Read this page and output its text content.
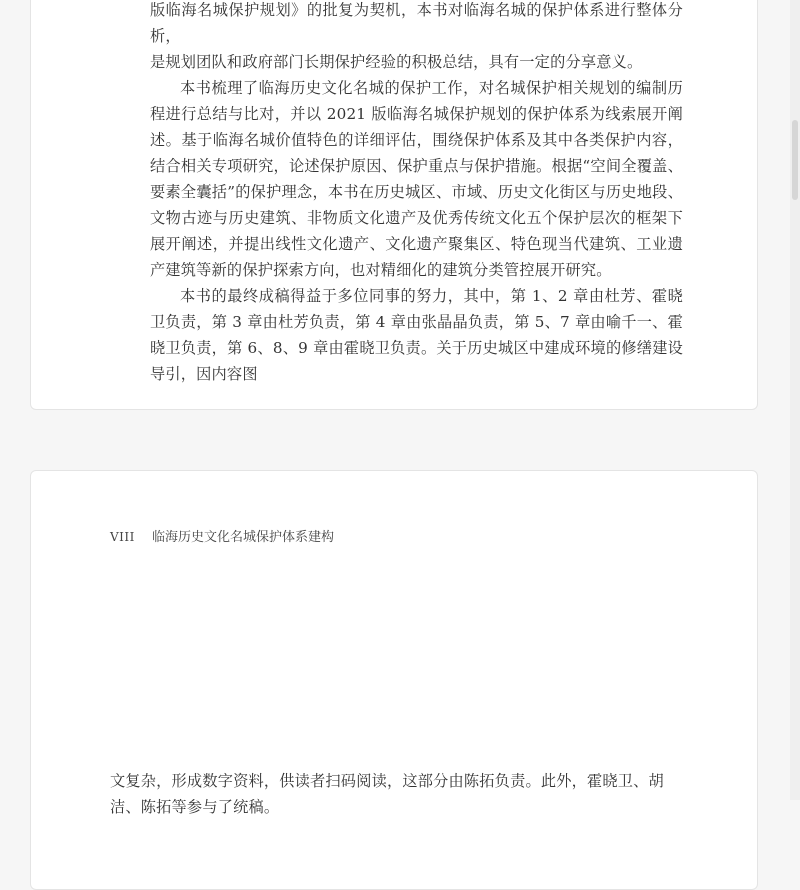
版临海名城保护规划》的批复为契机，本书对临海名城的保护体系进行整体分析，
是规划团队和政府部门长期保护经验的积极总结，具有一定的分享意义。

本书梳理了临海历史文化名城的保护工作，对名城保护相关规划的编制历程进行总结与比对，并以 2021 版临海名城保护规划的保护体系为线索展开阐述。基于临海名城价值特色的详细评估，围绕保护体系及其中各类保护内容，结合相关专项研究，论述保护原因、保护重点与保护措施。根据“空间全覆盖、要素全囊括”的保护理念，本书在历史城区、市域、历史文化街区与历史地段、文物古迹与历史建筑、非物质文化遗产及优秀传统文化五个保护层次的框架下展开阐述，并提出线性文化遗产、文化遗产聚集区、特色现当代建筑、工业遗产建筑等新的保护探索方向，也对精细化的建筑分类管控展开研究。

本书的最终成稿得益于多位同事的努力，其中，第 1、2 章由杜芳、霍晓卫负责，第 3 章由杜芳负责，第 4 章由张晶晶负责，第 5、7 章由喻千一、霍晓卫负责，第 6、8、9 章由霍晓卫负责。关于历史城区中建成环境的修缮建设导引，因内容图

VIII 临海历史文化名城保护体系建构

文复杂，形成数字资料，供读者扫码阅读，这部分由陈拓负责。此外，霍晓卫、胡
洁、陈拓等参与了统稿。
